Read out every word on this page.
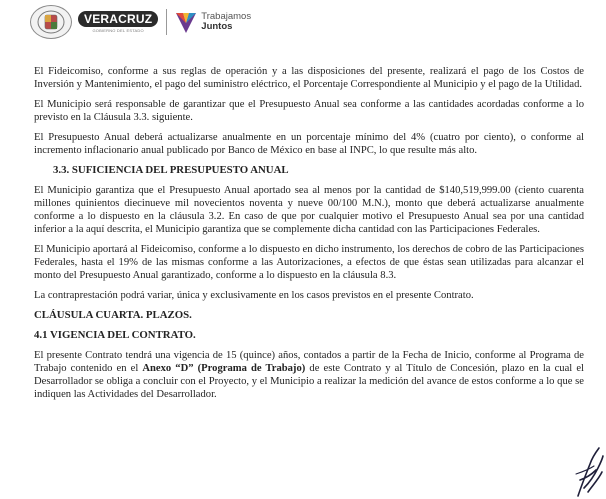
VERACRUZ
GOBIERNO DEL ESTADO
Trabajamos
Juntos

El Fideicomiso, conforme a sus reglas de operación y a las disposiciones del presente, realizará el pago de los Costos de Inversión y Mantenimiento, el pago del suministro eléctrico, el Porcentaje Correspondiente al Municipio y el pago de la Utilidad.

El Municipio será responsable de garantizar que el Presupuesto Anual sea conforme a las cantidades acordadas conforme a lo previsto en la Cláusula 3.3. siguiente.

El Presupuesto Anual deberá actualizarse anualmente en un porcentaje mínimo del 4% (cuatro por ciento), o conforme al incremento inflacionario anual publicado por Banco de México en base al INPC, lo que resulte más alto.

3.3. SUFICIENCIA DEL PRESUPUESTO ANUAL

El Municipio garantiza que el Presupuesto Anual aportado sea al menos por la cantidad de $140,519,999.00 (ciento cuarenta millones quinientos diecinueve mil novecientos noventa y nueve 00/100 M.N.), monto que deberá actualizarse anualmente conforme a lo dispuesto en la cláusula 3.2. En caso de que por cualquier motivo el Presupuesto Anual sea por una cantidad inferior a la aquí descrita, el Municipio garantiza que se complemente dicha cantidad con las Participaciones Federales.

El Municipio aportará al Fideicomiso, conforme a lo dispuesto en dicho instrumento, los derechos de cobro de las Participaciones Federales, hasta el 19% de las mismas conforme a las Autorizaciones, a efectos de que éstas sean utilizadas para alcanzar el monto del Presupuesto Anual garantizado, conforme a lo dispuesto en la cláusula 8.3.

La contraprestación podrá variar, única y exclusivamente en los casos previstos en el presente Contrato.

CLÁUSULA CUARTA. PLAZOS.
4.1 VIGENCIA DEL CONTRATO.

El presente Contrato tendrá una vigencia de 15 (quince) años, contados a partir de la Fecha de Inicio, conforme al Programa de Trabajo contenido en el Anexo “D” (Programa de Trabajo) de este Contrato y al Título de Concesión, plazo en la cual el Desarrollador se obliga a concluir con el Proyecto, y el Municipio a realizar la medición del avance de estos conforme a lo que se indiquen las Actividades del Desarrollador.
